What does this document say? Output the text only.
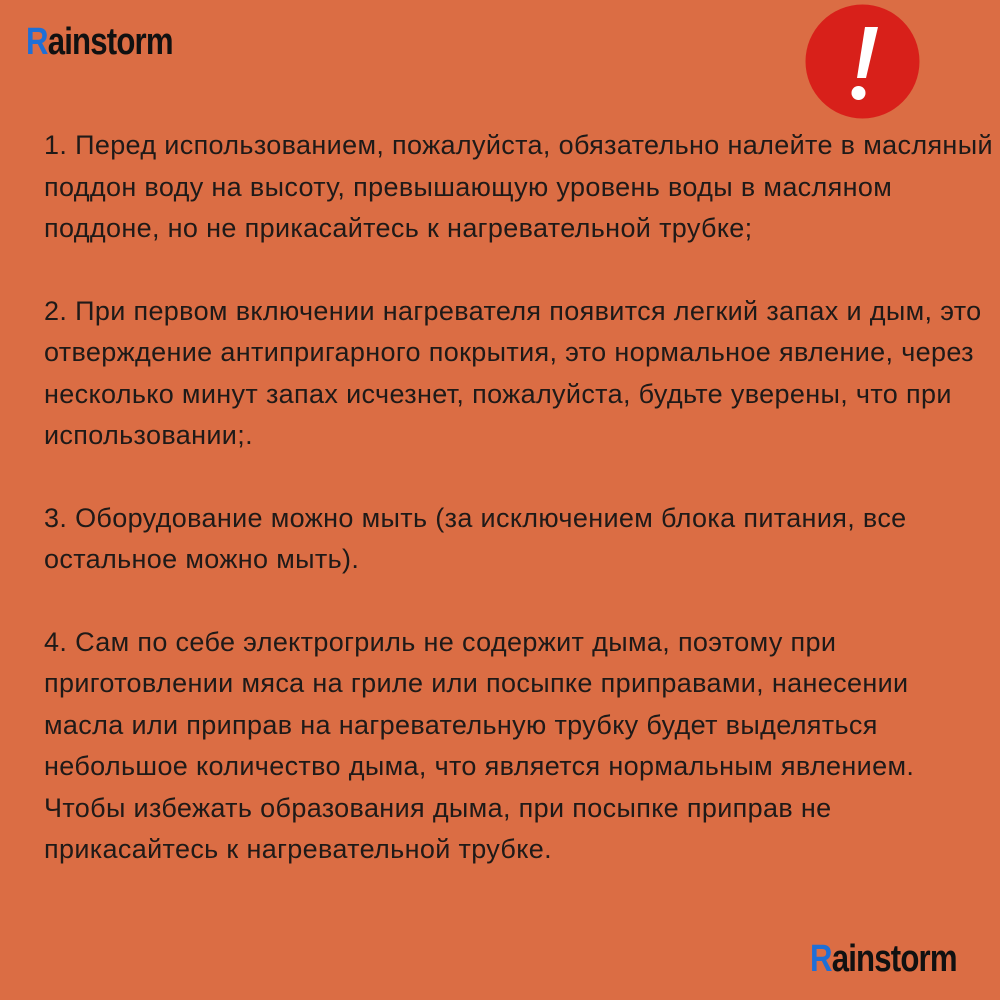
Rainstorm

1. Перед использованием, пожалуйста, обязательно налейте в масляный поддон воду на высоту, превышающую уровень воды в масляном поддоне, но не прикасайтесь к нагревательной трубке;

2. При первом включении нагревателя появится легкий запах и дым, это отверждение антипригарного покрытия, это нормальное явление, через несколько минут запах исчезнет, пожалуйста, будьте уверены, что при использовании;.

3. Оборудование можно мыть (за исключением блока питания, все остальное можно мыть).

4. Сам по себе электрогриль не содержит дыма, поэтому при приготовлении мяса на гриле или посыпке приправами, нанесении масла или приправ на нагревательную трубку будет выделяться небольшое количество дыма, что является нормальным явлением. Чтобы избежать образования дыма, при посыпке приправ не прикасайтесь к нагревательной трубке.

Rainstorm
